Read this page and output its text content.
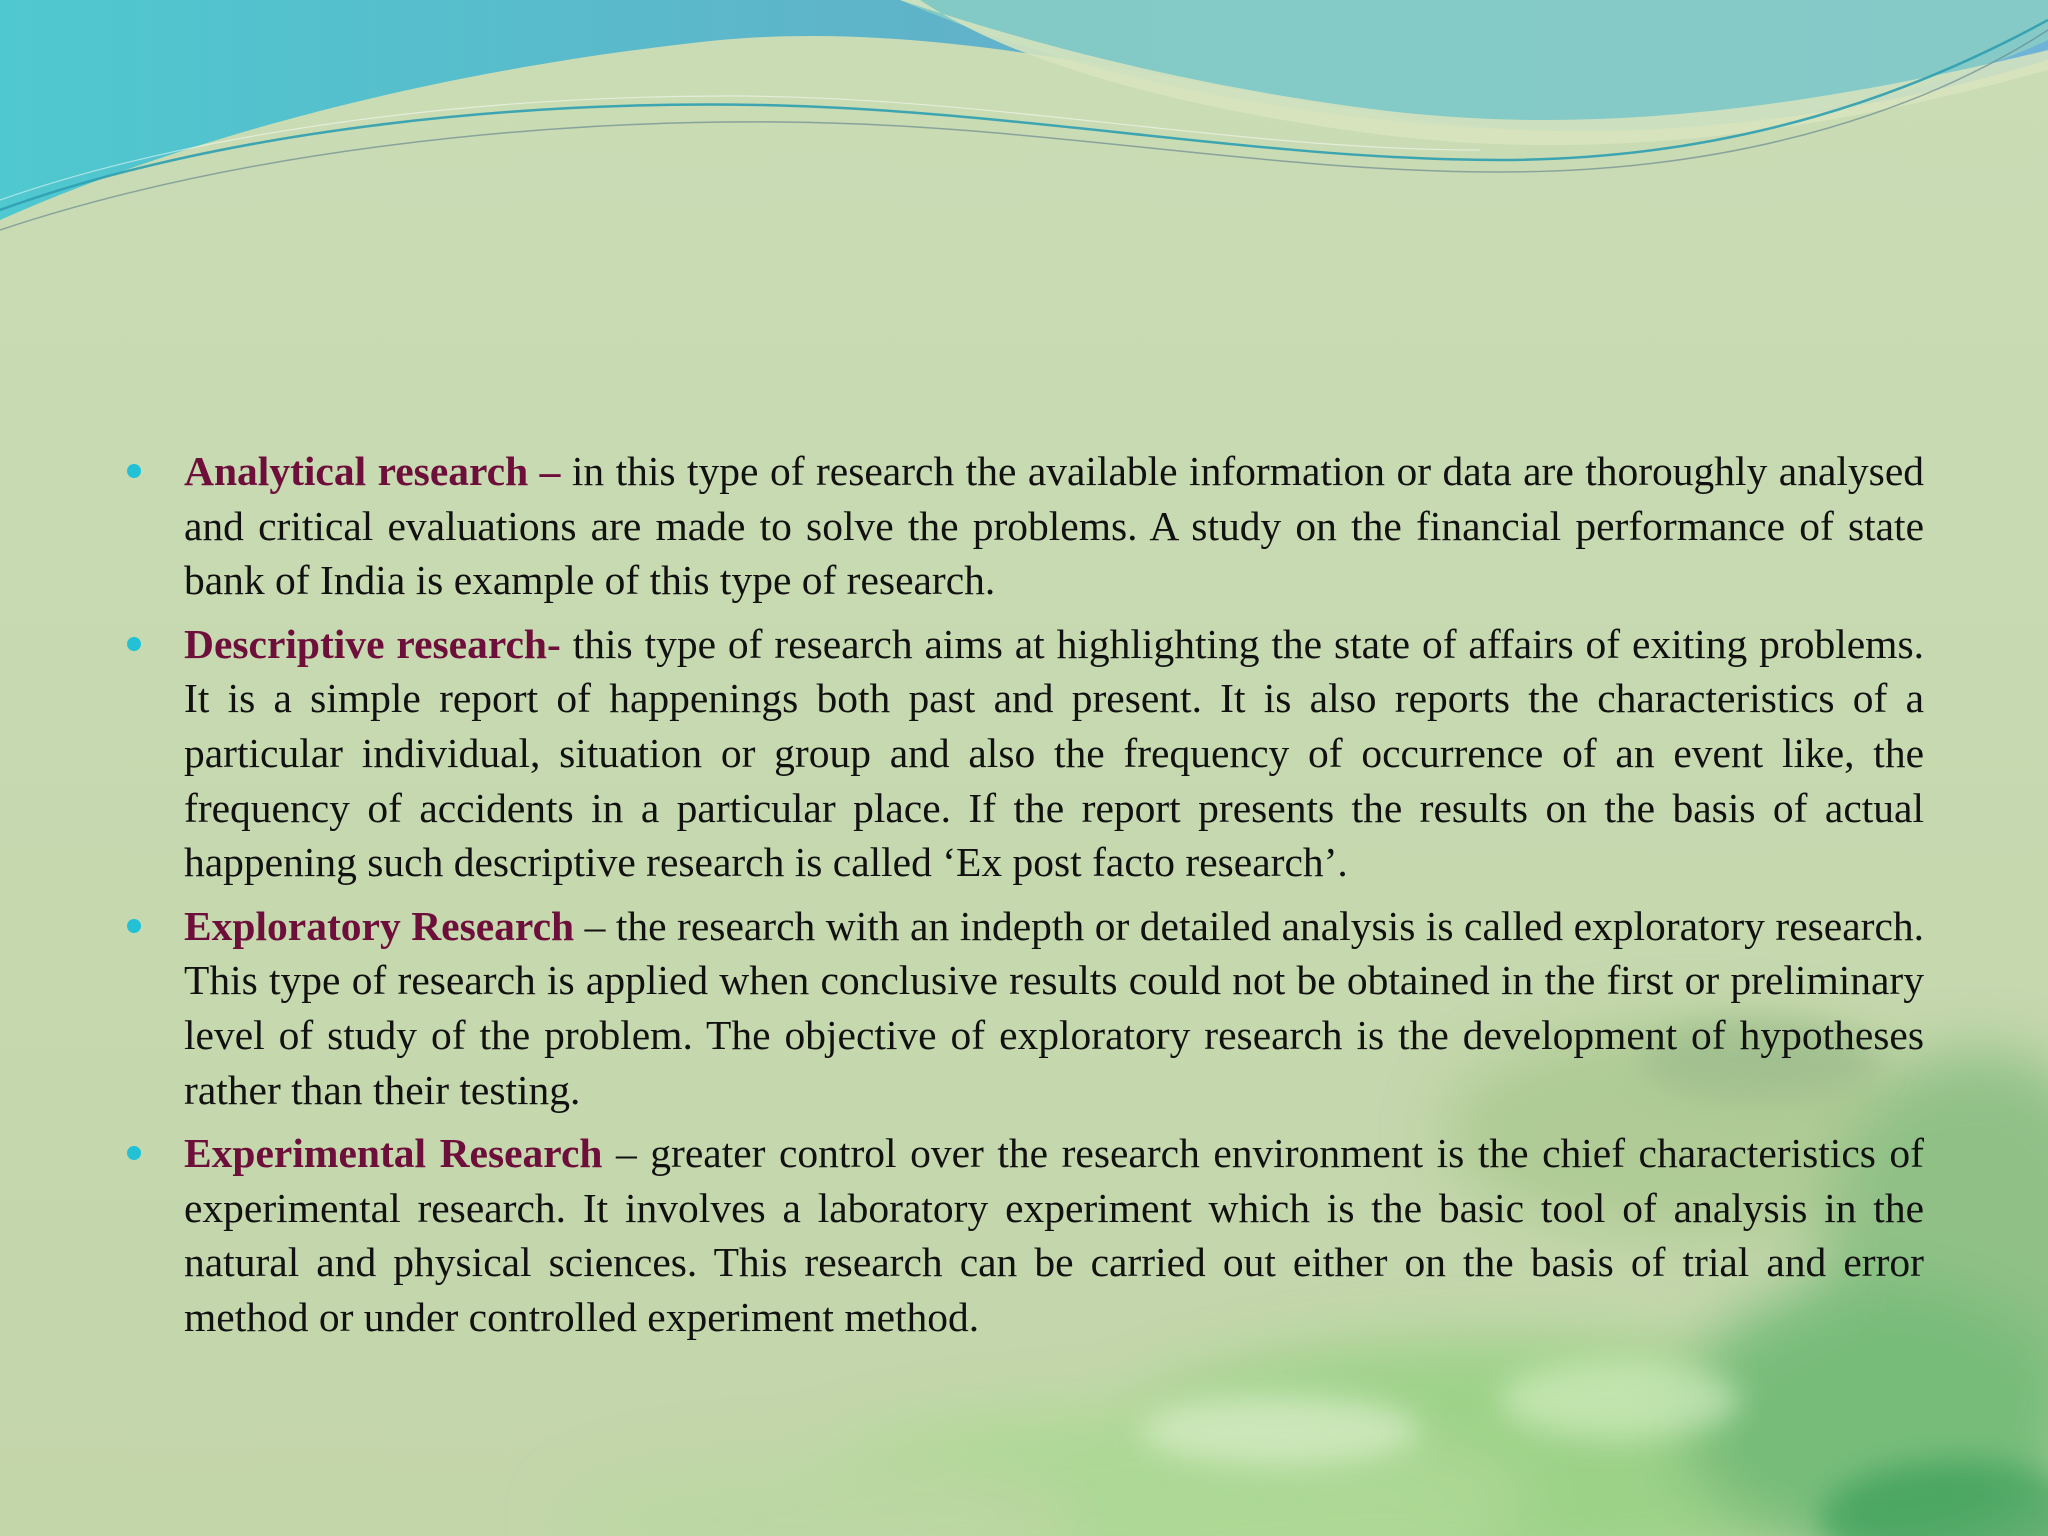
Analytical research – in this type of research the available information or data are thoroughly analysed and critical evaluations are made to solve the problems. A study on the financial performance of state bank of India is example of this type of research.
Descriptive research- this type of research aims at highlighting the state of affairs of exiting problems. It is a simple report of happenings both past and present. It is also reports the characteristics of a particular individual, situation or group and also the frequency of occurrence of an event like, the frequency of accidents in a particular place. If the report presents the results on the basis of actual happening such descriptive research is called ‘Ex post facto research’.
Exploratory Research – the research with an indepth or detailed analysis is called exploratory research. This type of research is applied when conclusive results could not be obtained in the first or preliminary level of study of the problem. The objective of exploratory research is the development of hypotheses rather than their testing.
Experimental Research – greater control over the research environment is the chief characteristics of experimental research. It involves a laboratory experiment which is the basic tool of analysis in the natural and physical sciences. This research can be carried out either on the basis of trial and error method or under controlled experiment method.
